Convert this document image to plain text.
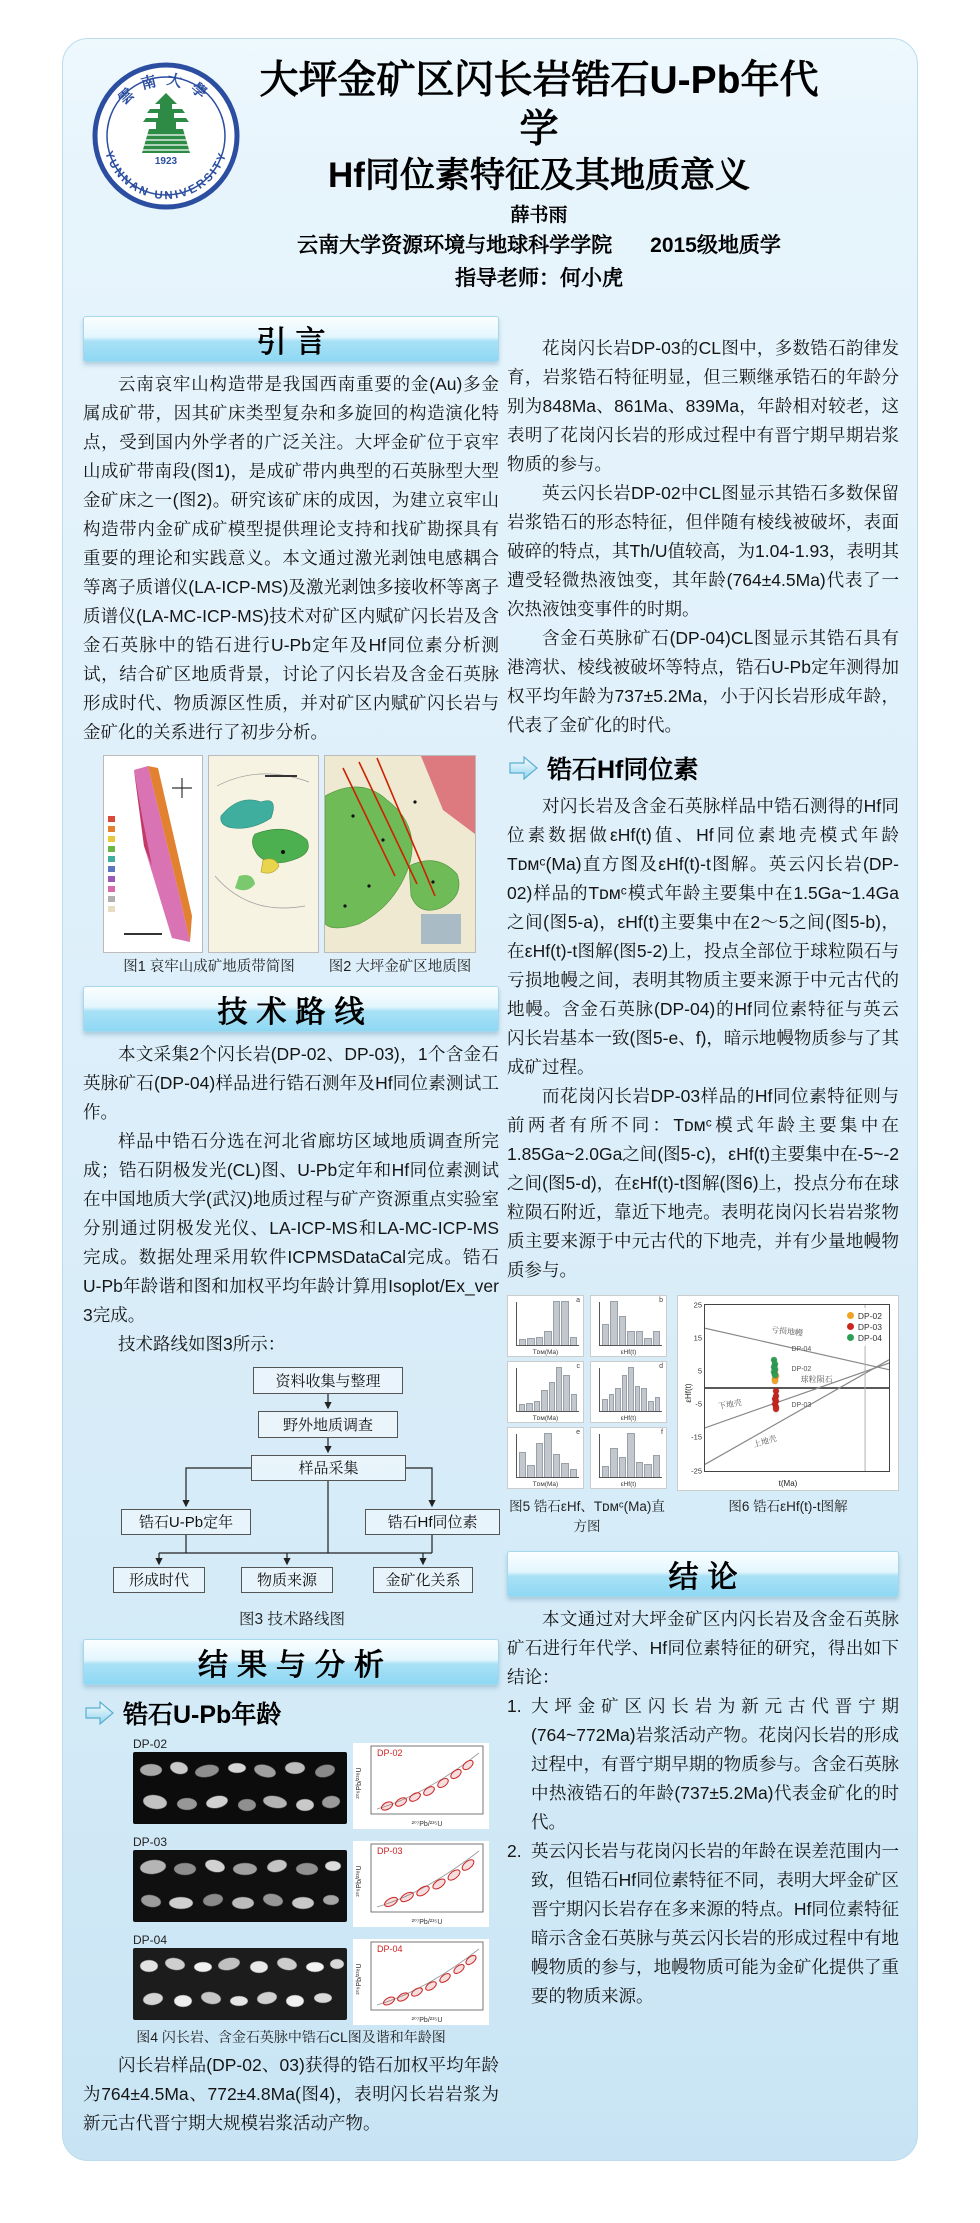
雲南大學
YUNNAN UNIVERSITY
1923
大坪金矿区闪长岩锆石U-Pb年代学
Hf同位素特征及其地质意义
薛书雨
云南大学资源环境与地球科学学院 2015级地质学
指导老师：何小虎
引言

云南哀牢山构造带是我国西南重要的金(Au)多金属成矿带，因其矿床类型复杂和多旋回的构造演化特点，受到国内外学者的广泛关注。大坪金矿位于哀牢山成矿带南段(图1)，是成矿带内典型的石英脉型大型金矿床之一(图2)。研究该矿床的成因，为建立哀牢山构造带内金矿成矿模型提供理论支持和找矿勘探具有重要的理论和实践意义。本文通过激光剥蚀电感耦合等离子质谱仪(LA-ICP-MS)及激光剥蚀多接收杯等离子质谱仪(LA-MC-ICP-MS)技术对矿区内赋矿闪长岩及含金石英脉中的锆石进行U-Pb定年及Hf同位素分析测试，结合矿区地质背景，讨论了闪长岩及含金石英脉形成时代、物质源区性质，并对矿区内赋矿闪长岩与金矿化的关系进行了初步分析。

图1 哀牢山成矿地质带简图	图2 大坪金矿区地质图
技术路线

本文采集2个闪长岩(DP-02、DP-03)，1个含金石英脉矿石(DP-04)样品进行锆石测年及Hf同位素测试工作。

样品中锆石分选在河北省廊坊区域地质调查所完成；锆石阴极发光(CL)图、U-Pb定年和Hf同位素测试在中国地质大学(武汉)地质过程与矿产资源重点实验室分别通过阴极发光仪、LA-ICP-MS和LA-MC-ICP-MS完成。数据处理采用软件ICPMSDataCal完成。锆石U-Pb年龄谐和图和加权平均年龄计算用Isoplot/Ex_ver 3完成。

技术路线如图3所示：

资料收集与整理
野外地质调查
样品采集
锆石U-Pb定年	锆石Hf同位素
形成时代	物质来源	金矿化关系
图3 技术路线图
结果与分析
锆石U-Pb年龄
DP-02
DP-02
²⁰⁷Pb/²³⁵U
²⁰⁶Pb/²³⁸U
DP-03
DP-03
²⁰⁷Pb/²³⁵U
²⁰⁶Pb/²³⁸U
DP-04
DP-04
²⁰⁷Pb/²³⁵U
²⁰⁶Pb/²³⁸U
图4 闪长岩、含金石英脉中锆石CL图及谐和年龄图

闪长岩样品(DP-02、03)获得的锆石加权平均年龄为764±4.5Ma、772±4.8Ma(图4)，表明闪长岩岩浆为新元古代晋宁期大规模岩浆活动产物。

花岗闪长岩DP-03的CL图中，多数锆石韵律发育，岩浆锆石特征明显，但三颗继承锆石的年龄分别为848Ma、861Ma、839Ma，年龄相对较老，这表明了花岗闪长岩的形成过程中有晋宁期早期岩浆物质的参与。

英云闪长岩DP-02中CL图显示其锆石多数保留岩浆锆石的形态特征，但伴随有棱线被破坏，表面破碎的特点，其Th/U值较高，为1.04-1.93，表明其遭受轻微热液蚀变，其年龄(764±4.5Ma)代表了一次热液蚀变事件的时期。

含金石英脉矿石(DP-04)CL图显示其锆石具有港湾状、棱线被破坏等特点，锆石U-Pb定年测得加权平均年龄为737±5.2Ma，小于闪长岩形成年龄，代表了金矿化的时代。

锆石Hf同位素

对闪长岩及含金石英脉样品中锆石测得的Hf同位素数据做εHf(t)值、Hf同位素地壳模式年龄Tᴅᴍᶜ(Ma)直方图及εHf(t)-t图解。英云闪长岩(DP-02)样品的Tᴅᴍᶜ模式年龄主要集中在1.5Ga~1.4Ga之间(图5-a)，εHf(t)主要集中在2～5之间(图5-b)，在εHf(t)-t图解(图5-2)上，投点全部位于球粒陨石与亏损地幔之间，表明其物质主要来源于中元古代的地幔。含金石英脉(DP-04)的Hf同位素特征与英云闪长岩基本一致(图5-e、f)，暗示地幔物质参与了其成矿过程。

而花岗闪长岩DP-03样品的Hf同位素特征则与前两者有所不同：Tᴅᴍᶜ模式年龄主要集中在1.85Ga~2.0Ga之间(图5-c)，εHf(t)主要集中在-5~-2之间(图5-d)，在εHf(t)-t图解(图6)上，投点分布在球粒陨石附近，靠近下地壳。表明花岗闪长岩岩浆物质主要来源于中元古代的下地壳，并有少量地幔物质参与。

a
Tᴅᴍ(Ma)
b
εHf(t)
c
Tᴅᴍ(Ma)
d
εHf(t)
e
Tᴅᴍ(Ma)
f
εHf(t)
εHf(t)
25
15
5
-5
-15
-25
亏损地幔
球粒陨石
下地壳
上地壳
DP-04
DP-02
DP-03
DP-02
DP-03
DP-04
t(Ma)
图5 锆石εHf、Tᴅᴍᶜ(Ma)直方图
图6 锆石εHf(t)-t图解
结论

本文通过对大坪金矿区内闪长岩及含金石英脉矿石进行年代学、Hf同位素特征的研究，得出如下结论：

1. 大坪金矿区闪长岩为新元古代晋宁期(764~772Ma)岩浆活动产物。花岗闪长岩的形成过程中，有晋宁期早期的物质参与。含金石英脉中热液锆石的年龄(737±5.2Ma)代表金矿化的时代。

2. 英云闪长岩与花岗闪长岩的年龄在误差范围内一致，但锆石Hf同位素特征不同，表明大坪金矿区晋宁期闪长岩存在多来源的特点。Hf同位素特征暗示含金石英脉与英云闪长岩的形成过程中有地幔物质的参与，地幔物质可能为金矿化提供了重要的物质来源。
